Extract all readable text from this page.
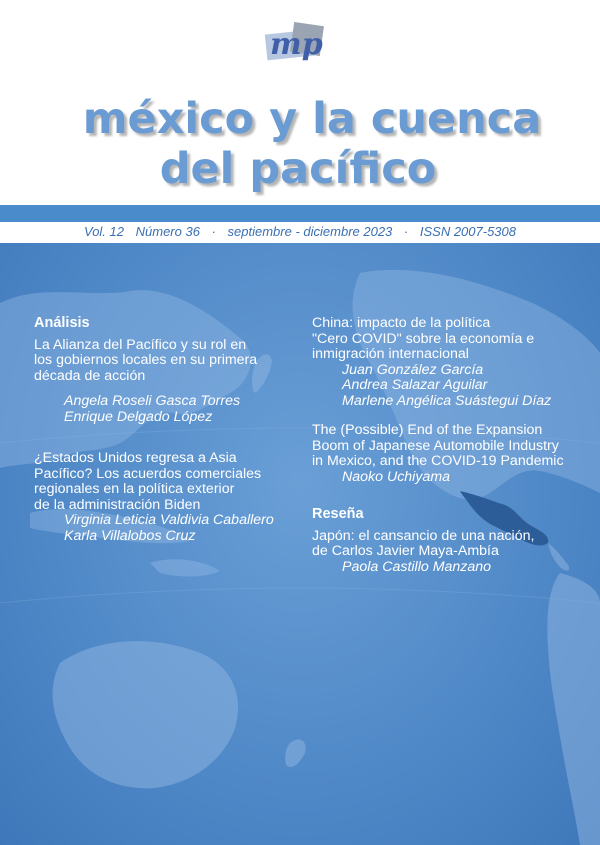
mp
méxico y la cuenca
del pacífico
Vol. 12 Número 36 · septiembre - diciembre 2023 · ISSN 2007-5308
Análisis
La Alianza del Pacífico y su rol en
los gobiernos locales en su primera
década de acción
Angela Roseli Gasca Torres
Enrique Delgado López
¿Estados Unidos regresa a Asia
Pacífico? Los acuerdos comerciales
regionales en la política exterior
de la administración Biden
Virginia Leticia Valdivia Caballero
Karla Villalobos Cruz
China: impacto de la política
"Cero COVID" sobre la economía e
inmigración internacional
Juan González García
Andrea Salazar Aguilar
Marlene Angélica Suástegui Díaz
The (Possible) End of the Expansion
Boom of Japanese Automobile Industry
in Mexico, and the COVID-19 Pandemic
Naoko Uchiyama
Reseña
Japón: el cansancio de una nación,
de Carlos Javier Maya-Ambía
Paola Castillo Manzano
